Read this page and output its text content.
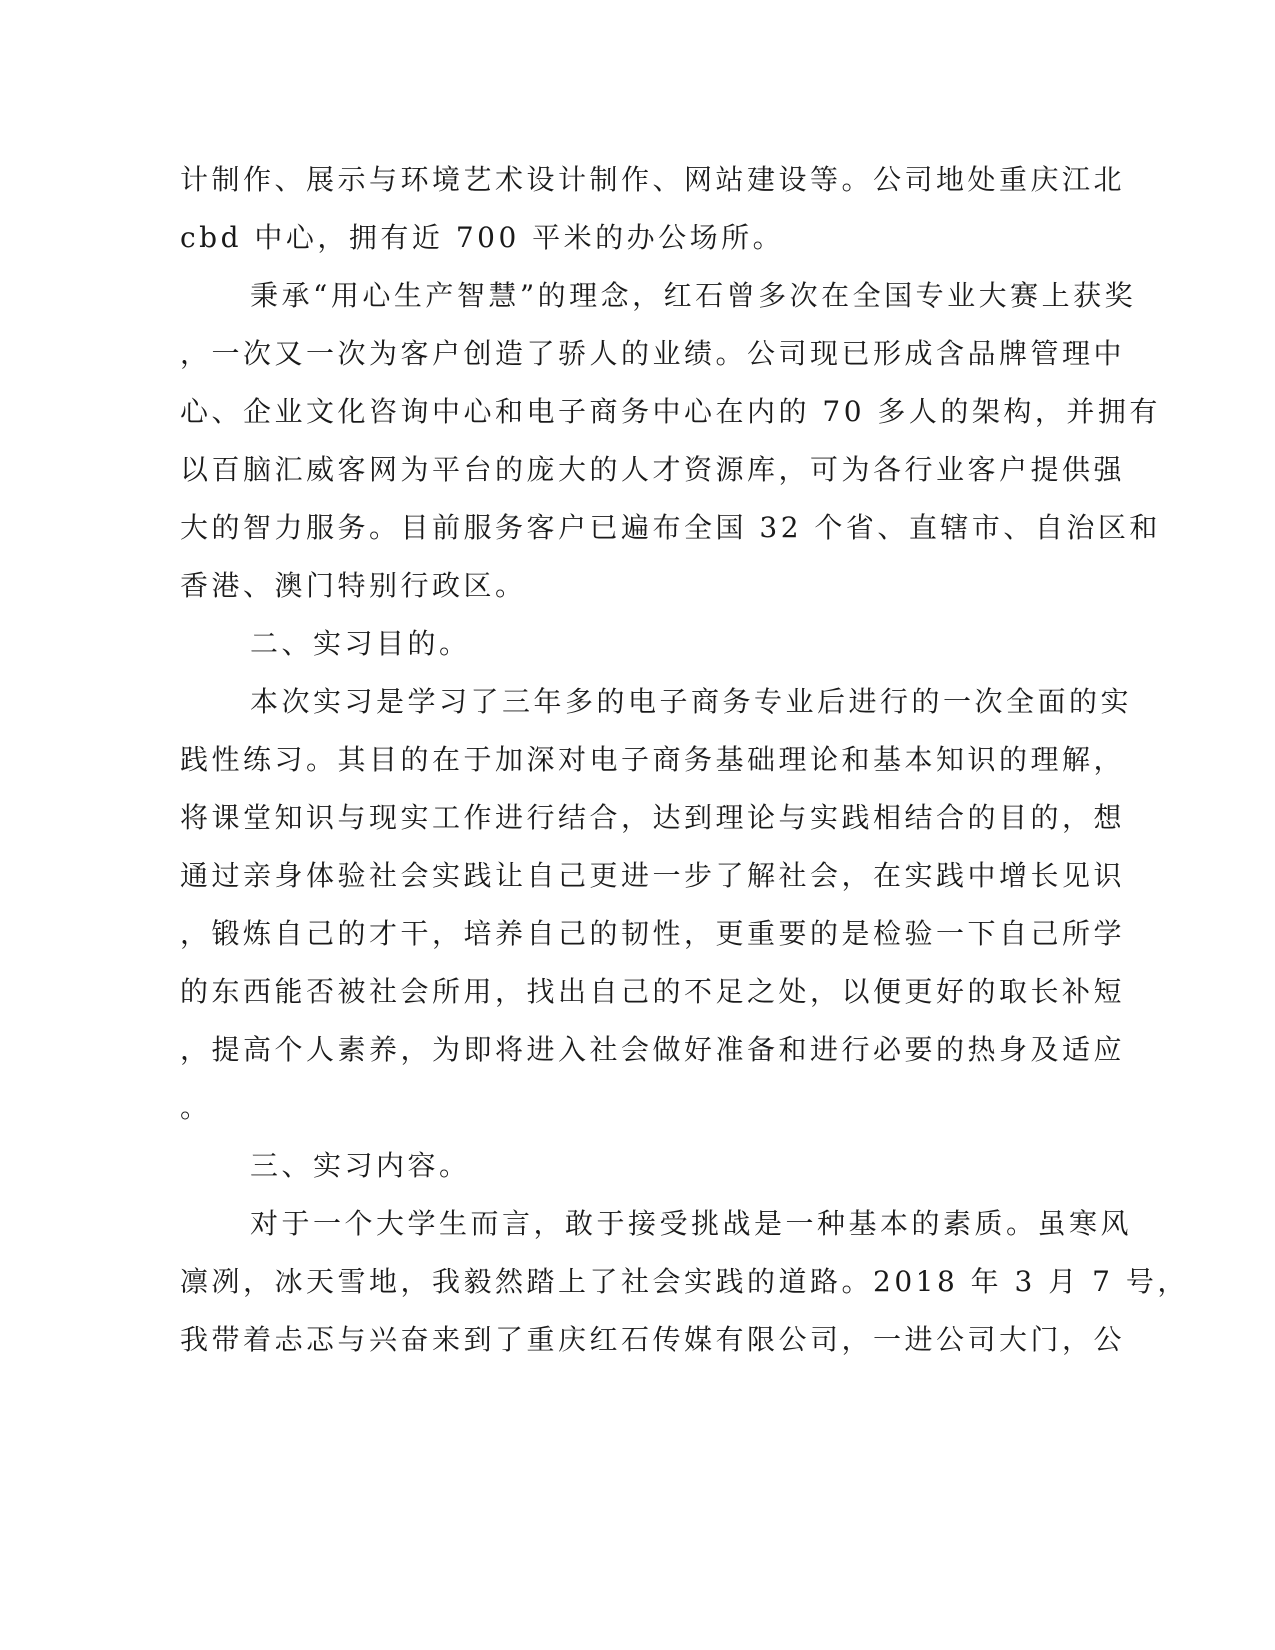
计制作、展示与环境艺术设计制作、网站建设等。公司地处重庆江北
cbd 中心，拥有近 700 平米的办公场所。
秉承“用心生产智慧”的理念，红石曾多次在全国专业大赛上获奖
，一次又一次为客户创造了骄人的业绩。公司现已形成含品牌管理中
心、企业文化咨询中心和电子商务中心在内的 70 多人的架构，并拥有
以百脑汇威客网为平台的庞大的人才资源库，可为各行业客户提供强
大的智力服务。目前服务客户已遍布全国 32 个省、直辖市、自治区和
香港、澳门特别行政区。
二、实习目的。
本次实习是学习了三年多的电子商务专业后进行的一次全面的实
践性练习。其目的在于加深对电子商务基础理论和基本知识的理解，
将课堂知识与现实工作进行结合，达到理论与实践相结合的目的，想
通过亲身体验社会实践让自己更进一步了解社会，在实践中增长见识
，锻炼自己的才干，培养自己的韧性，更重要的是检验一下自己所学
的东西能否被社会所用，找出自己的不足之处，以便更好的取长补短
，提高个人素养，为即将进入社会做好准备和进行必要的热身及适应
。
三、实习内容。
对于一个大学生而言，敢于接受挑战是一种基本的素质。虽寒风
凛冽，冰天雪地，我毅然踏上了社会实践的道路。2018 年 3 月 7 号，
我带着忐忑与兴奋来到了重庆红石传媒有限公司，一进公司大门，公
